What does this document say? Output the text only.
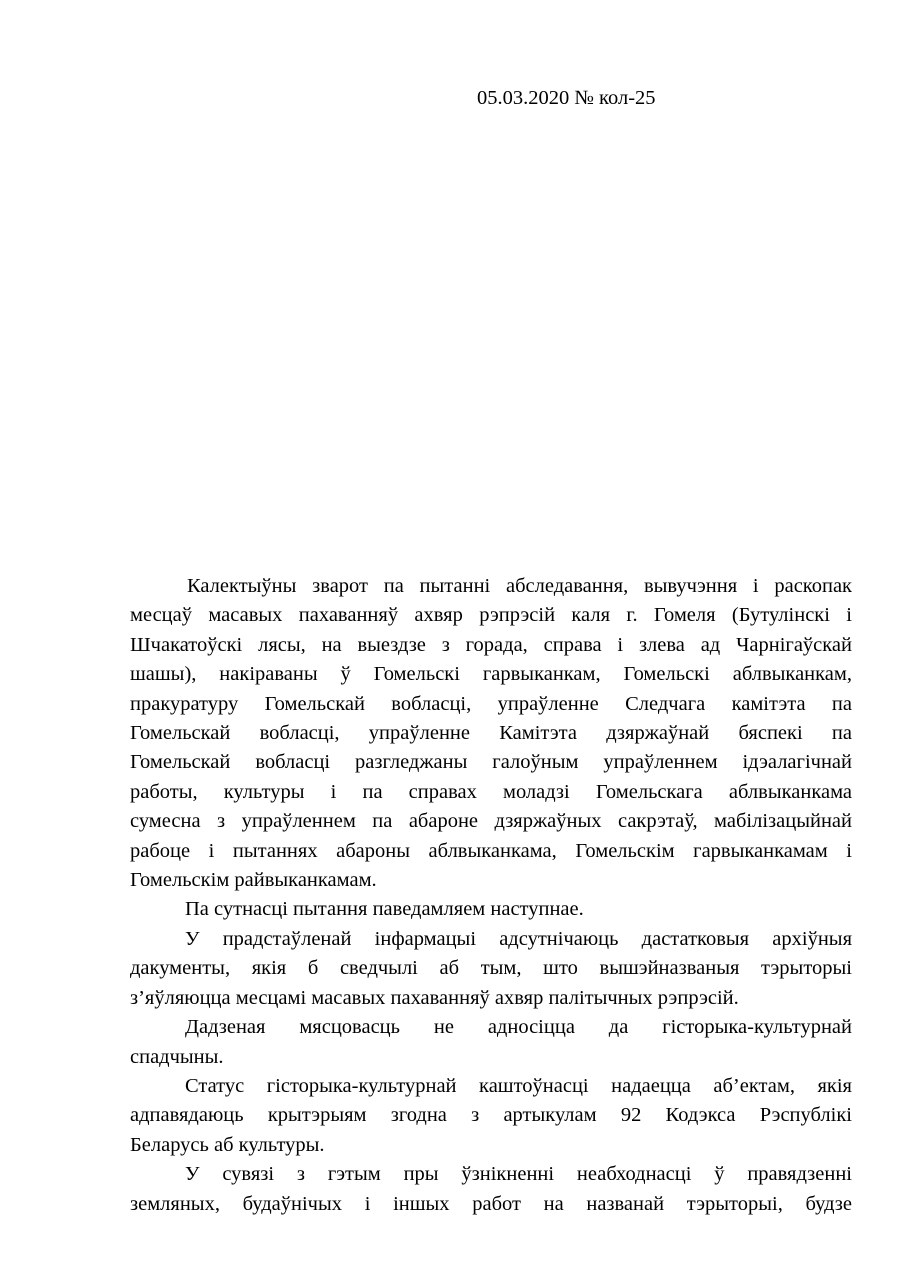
05.03.2020 № кол-25
Калектыўны зварот па пытанні абследавання, вывучэння і раскопак
месцаў масавых пахаванняў ахвяр рэпрэсій каля г. Гомеля (Бутулінскі і
Шчакатоўскі лясы, на выездзе з горада, справа і злева ад Чарнігаўскай
шашы), накіраваны ў Гомельскі гарвыканкам, Гомельскі аблвыканкам,
пракуратуру Гомельскай вобласці, упраўленне Следчага камітэта па
Гомельскай вобласці, упраўленне Камітэта дзяржаўнай бяспекі па
Гомельскай вобласці разгледжаны галоўным упраўленнем ідэалагічнай
работы, культуры і па справах моладзі Гомельскага аблвыканкама
сумесна з упраўленнем па абароне дзяржаўных сакрэтаў, мабілізацыйнай
рабоце і пытаннях абароны аблвыканкама, Гомельскім гарвыканкамам і
Гомельскім райвыканкамам.
Па сутнасці пытання паведамляем наступнае.
У прадстаўленай інфармацыі адсутнічаюць дастатковыя архіўныя
дакументы, якія б сведчылі аб тым, што вышэйназваныя тэрыторыі
з’яўляюцца месцамі масавых пахаванняў ахвяр палітычных рэпрэсій.
Дадзеная мясцовасць не адносіцца да гісторыка-культурнай
спадчыны.
Статус гісторыка-культурнай каштоўнасці надаецца аб’ектам, якія
адпавядаюць крытэрыям згодна з артыкулам 92 Кодэкса Рэспублікі
Беларусь аб культуры.
У сувязі з гэтым пры ўзнікненні неабходнасці ў правядзенні
земляных, будаўнічых і іншых работ на названай тэрыторыі, будзе
